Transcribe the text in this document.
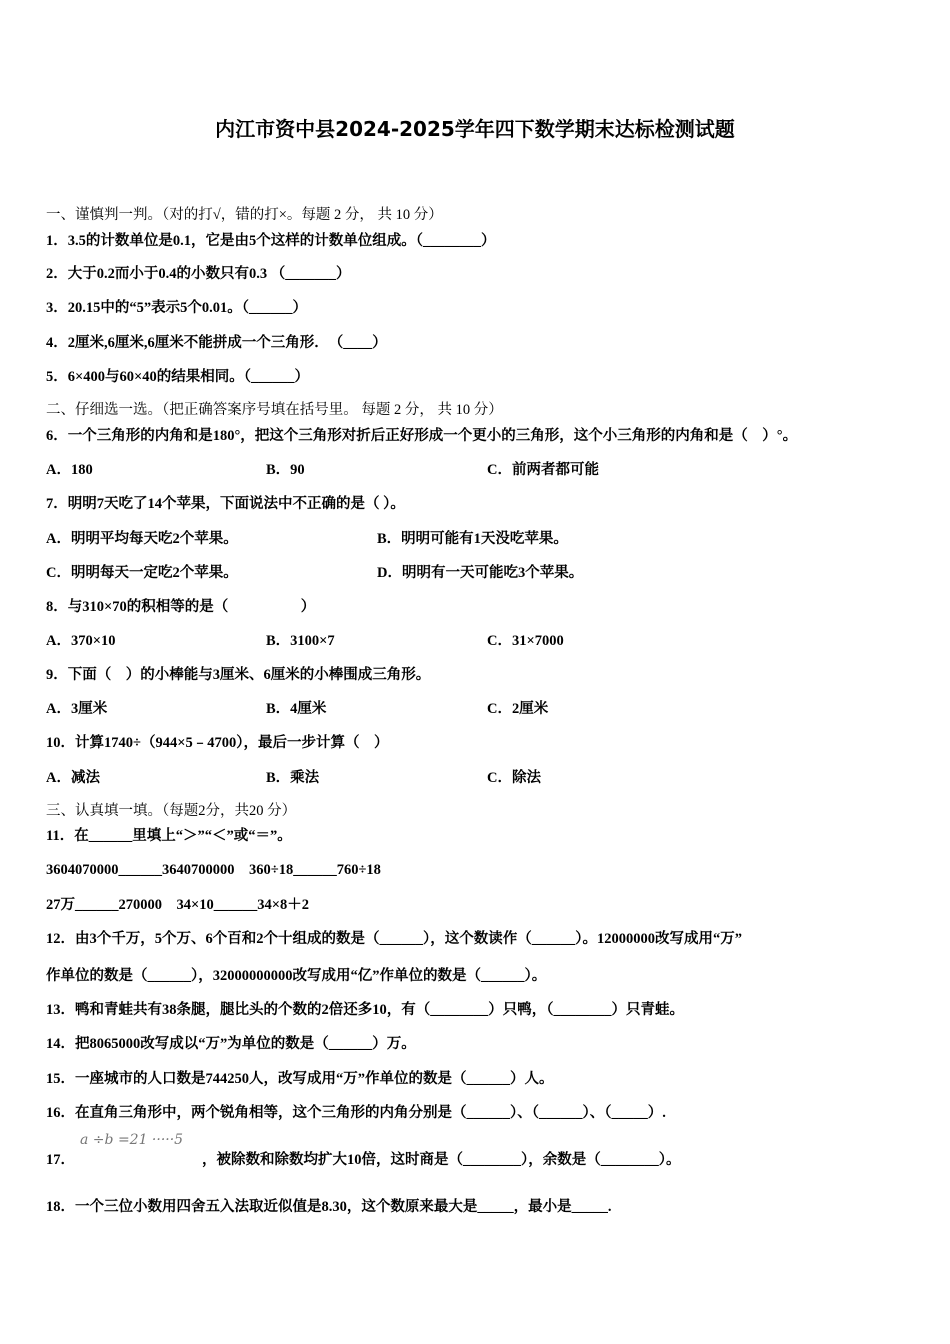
内江市资中县2024-2025学年四下数学期末达标检测试题
一、谨慎判一判。（对的打√，错的打×。每题 2 分， 共 10 分）
1．3.5的计数单位是0.1，它是由5个这样的计数单位组成。（________）
2．大于0.2而小于0.4的小数只有0.3 （_______）
3．20.15中的“5”表示5个0.01。（______）
4．2厘米,6厘米,6厘米不能拼成一个三角形．　（____）
5．6×400与60×40的结果相同。（______）
二、仔细选一选。（把正确答案序号填在括号里。 每题 2 分， 共 10 分）
6．一个三角形的内角和是180°，把这个三角形对折后正好形成一个更小的三角形，这个小三角形的内角和是（　）°。
A．180	B．90	C．前两者都可能
7．明明7天吃了14个苹果，下面说法中不正确的是（ ）。
A．明明平均每天吃2个苹果。	B．明明可能有1天没吃苹果。
C．明明每天一定吃2个苹果。	D．明明有一天可能吃3个苹果。
8．与310×70的积相等的是（　　　　　）
A．370×10	B．3100×7	C．31×7000
9．下面（　）的小棒能与3厘米、6厘米的小棒围成三角形。
A．3厘米	B．4厘米	C．2厘米
10．计算1740÷（944×5﹣4700），最后一步计算（　）
A．减法	B．乘法	C．除法
三、认真填一填。（每题2分，共20 分）
11．在______里填上“＞”“＜”或“＝”。
3604070000______3640700000　360÷18______760÷18
27万______270000　34×10______34×8＋2
12．由3个千万，5个万、6个百和2个十组成的数是（______），这个数读作（______）。12000000改写成用“万”
作单位的数是（______），32000000000改写成用“亿”作单位的数是（______）。
13．鸭和青蛙共有38条腿，腿比头的个数的2倍还多10，有（________）只鸭，（________）只青蛙。
14．把8065000改写成以“万”为单位的数是（______）万。
15．一座城市的人口数是744250人，改写成用“万”作单位的数是（______）人。
16．在直角三角形中，两个锐角相等，这个三角形的内角分别是（______）、（______）、（_____）.
17．
a ÷b =21 ·····5
，被除数和除数均扩大10倍，这时商是（________），余数是（________）。
18．一个三位小数用四舍五入法取近似值是8.30，这个数原来最大是_____，最小是_____.
